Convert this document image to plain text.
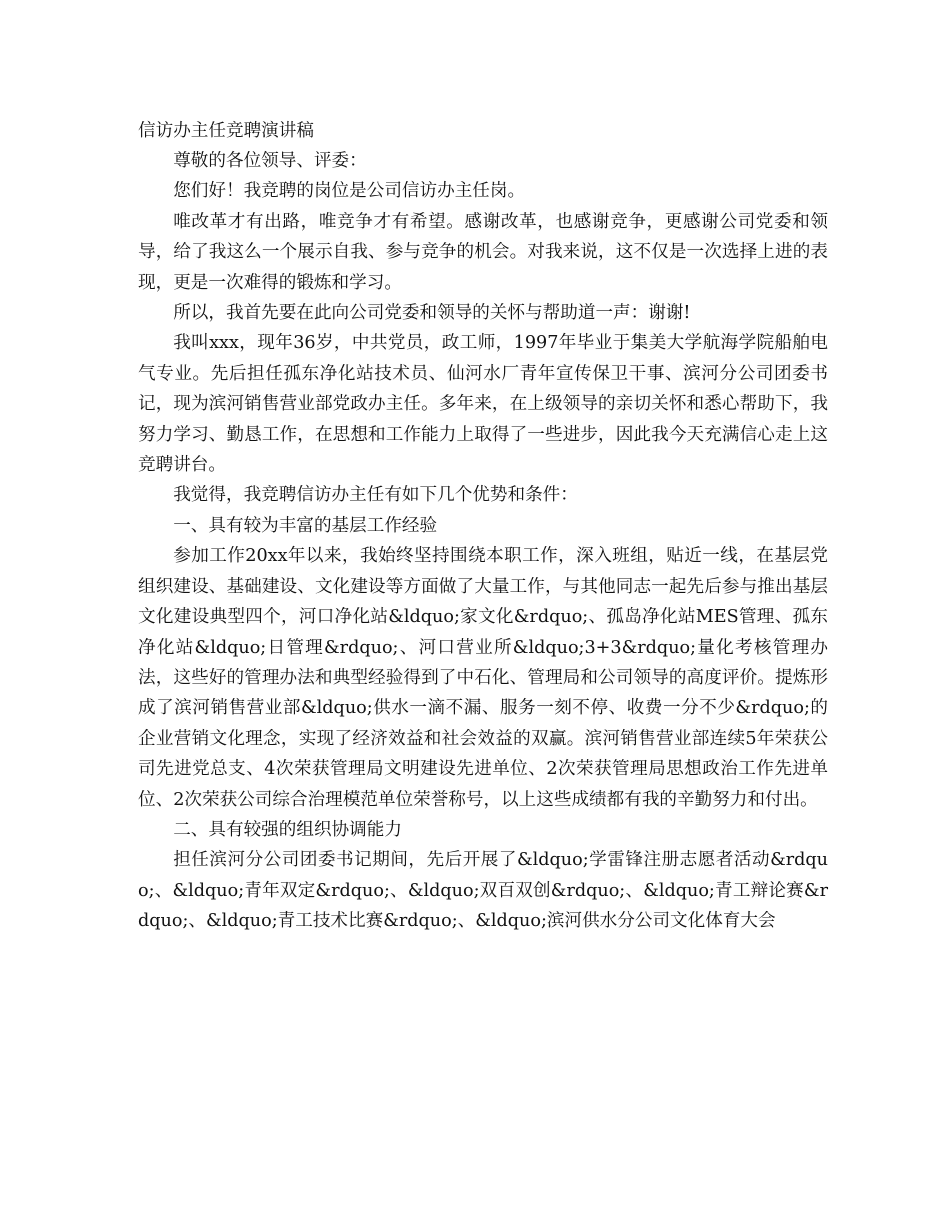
信访办主任竞聘演讲稿

尊敬的各位领导、评委：

您们好！我竞聘的岗位是公司信访办主任岗。

唯改革才有出路，唯竞争才有希望。感谢改革，也感谢竞争，更感谢公司党委和领导，给了我这么一个展示自我、参与竞争的机会。对我来说，这不仅是一次选择上进的表现，更是一次难得的锻炼和学习。

所以，我首先要在此向公司党委和领导的关怀与帮助道一声：谢谢!

我叫xxx，现年36岁，中共党员，政工师，1997年毕业于集美大学航海学院船舶电气专业。先后担任孤东净化站技术员、仙河水厂青年宣传保卫干事、滨河分公司团委书记，现为滨河销售营业部党政办主任。多年来，在上级领导的亲切关怀和悉心帮助下，我努力学习、勤恳工作，在思想和工作能力上取得了一些进步，因此我今天充满信心走上这竞聘讲台。

我觉得，我竞聘信访办主任有如下几个优势和条件：

一、具有较为丰富的基层工作经验

参加工作20xx年以来，我始终坚持围绕本职工作，深入班组，贴近一线，在基层党组织建设、基础建设、文化建设等方面做了大量工作，与其他同志一起先后参与推出基层文化建设典型四个，河口净化站&ldquo;家文化&rdquo;、孤岛净化站MES管理、孤东净化站&ldquo;日管理&rdquo;、河口营业所&ldquo;3+3&rdquo;量化考核管理办法，这些好的管理办法和典型经验得到了中石化、管理局和公司领导的高度评价。提炼形成了滨河销售营业部&ldquo;供水一滴不漏、服务一刻不停、收费一分不少&rdquo;的企业营销文化理念，实现了经济效益和社会效益的双赢。滨河销售营业部连续5年荣获公司先进党总支、4次荣获管理局文明建设先进单位、2次荣获管理局思想政治工作先进单位、2次荣获公司综合治理模范单位荣誉称号，以上这些成绩都有我的辛勤努力和付出。

二、具有较强的组织协调能力

担任滨河分公司团委书记期间，先后开展了&ldquo;学雷锋注册志愿者活动&rdquo;、&ldquo;青年双定&rdquo;、&ldquo;双百双创&rdquo;、&ldquo;青工辩论赛&rdquo;、&ldquo;青工技术比赛&rdquo;、&ldquo;滨河供水分公司文化体育大会
